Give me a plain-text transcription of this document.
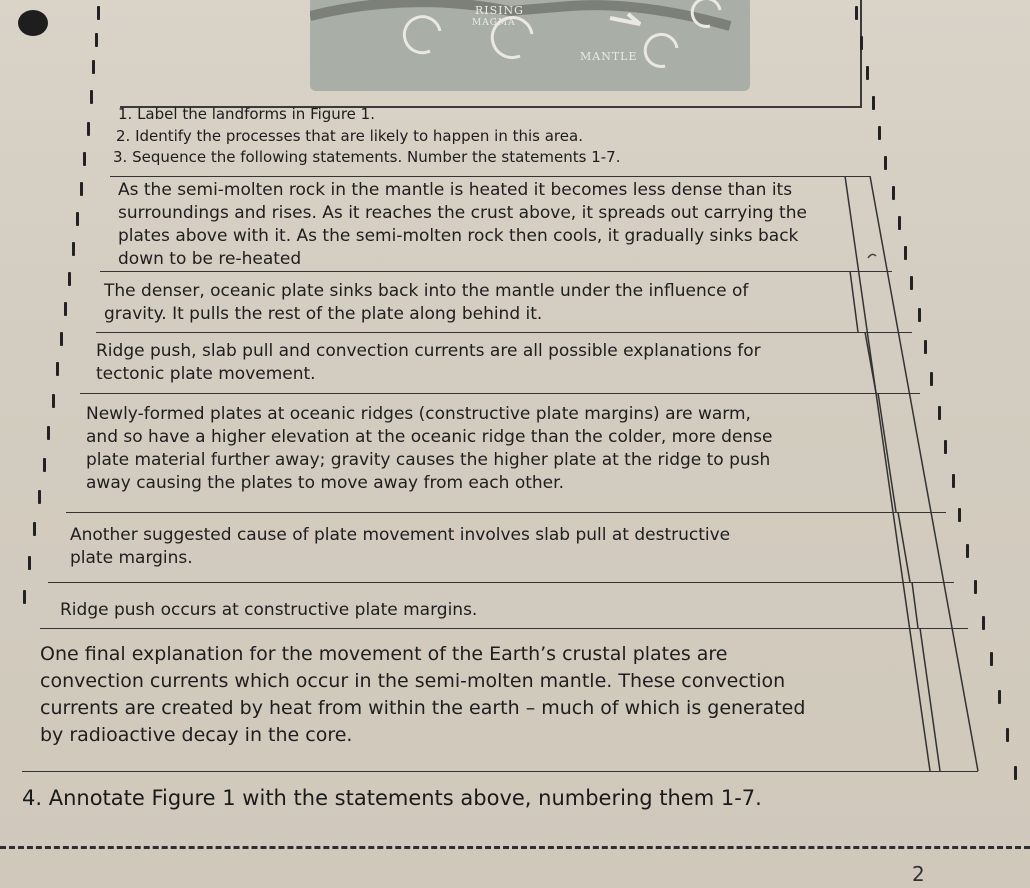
RISING
MAGMA
MANTLE
1. Label the landforms in Figure 1.
2. Identify the processes that are likely to happen in this area.
3. Sequence the following statements. Number the statements 1-7.
As the semi-molten rock in the mantle is heated it becomes less dense than its
surroundings and rises. As it reaches the crust above, it spreads out carrying the
plates above with it. As the semi-molten rock then cools, it gradually sinks back
down to be re-heated
The denser, oceanic plate sinks back into the mantle under the influence of
gravity. It pulls the rest of the plate along behind it.
Ridge push, slab pull and convection currents are all possible explanations for
tectonic plate movement.
Newly-formed plates at oceanic ridges (constructive plate margins) are warm,
and so have a higher elevation at the oceanic ridge than the colder, more dense
plate material further away; gravity causes the higher plate at the ridge to push
away causing the plates to move away from each other.
Another suggested cause of plate movement involves slab pull at destructive
plate margins.
Ridge push occurs at constructive plate margins.
One final explanation for the movement of the Earth’s crustal plates are
convection currents which occur in the semi-molten mantle. These convection
currents are created by heat from within the earth – much of which is generated
by radioactive decay in the core.
4. Annotate Figure 1 with the statements above, numbering them 1-7.
2
